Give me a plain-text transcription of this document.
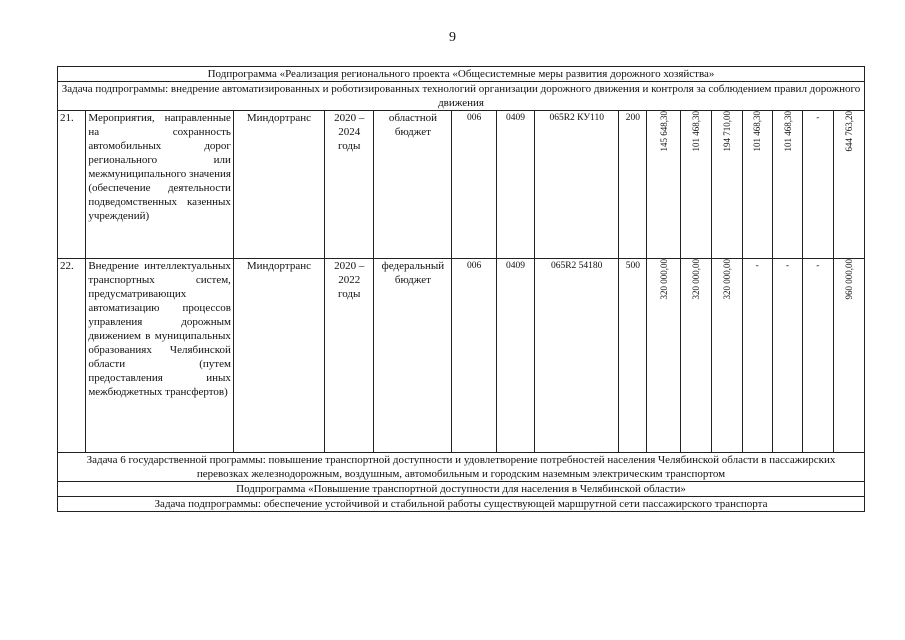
9
Подпрограмма «Реализация регионального проекта «Общесистемные меры развития дорожного хозяйства»															
Задача подпрограммы: внедрение автоматизированных и роботизированных технологий организации дорожного движения и контроля за соблюдением правил дорожного движения															
21.	Мероприятия, направленные на сохранность автомобильных дорог регионального или межмуниципального значения (обеспечение деятельности подведомственных казенных учреждений)	Миндортранс	2020 – 2024 годы	областной бюджет	006	0409	065R2 КУ110	200	145 648,30	101 468,30	194 710,00	101 468,30	101 468,30	-	644 763,20
22.	Внедрение интеллектуальных транспортных систем, предусматривающих автоматизацию процессов управления дорожным движением в муниципальных образованиях Челябинской области (путем предоставления иных межбюджетных трансфертов)	Миндортранс	2020 – 2022 годы	федеральный бюджет	006	0409	065R2 54180	500	320 000,00	320 000,00	320 000,00	-	-	-	960 000,00
Задача 6 государственной программы: повышение транспортной доступности и удовлетворение потребностей населения Челябинской области в пассажирских перевозках железнодорожным, воздушным, автомобильным и городским наземным электрическим транспортом															
Подпрограмма «Повышение транспортной доступности для населения в Челябинской области»															
Задача подпрограммы: обеспечение устойчивой и стабильной работы существующей маршрутной сети пассажирского транспорта															
